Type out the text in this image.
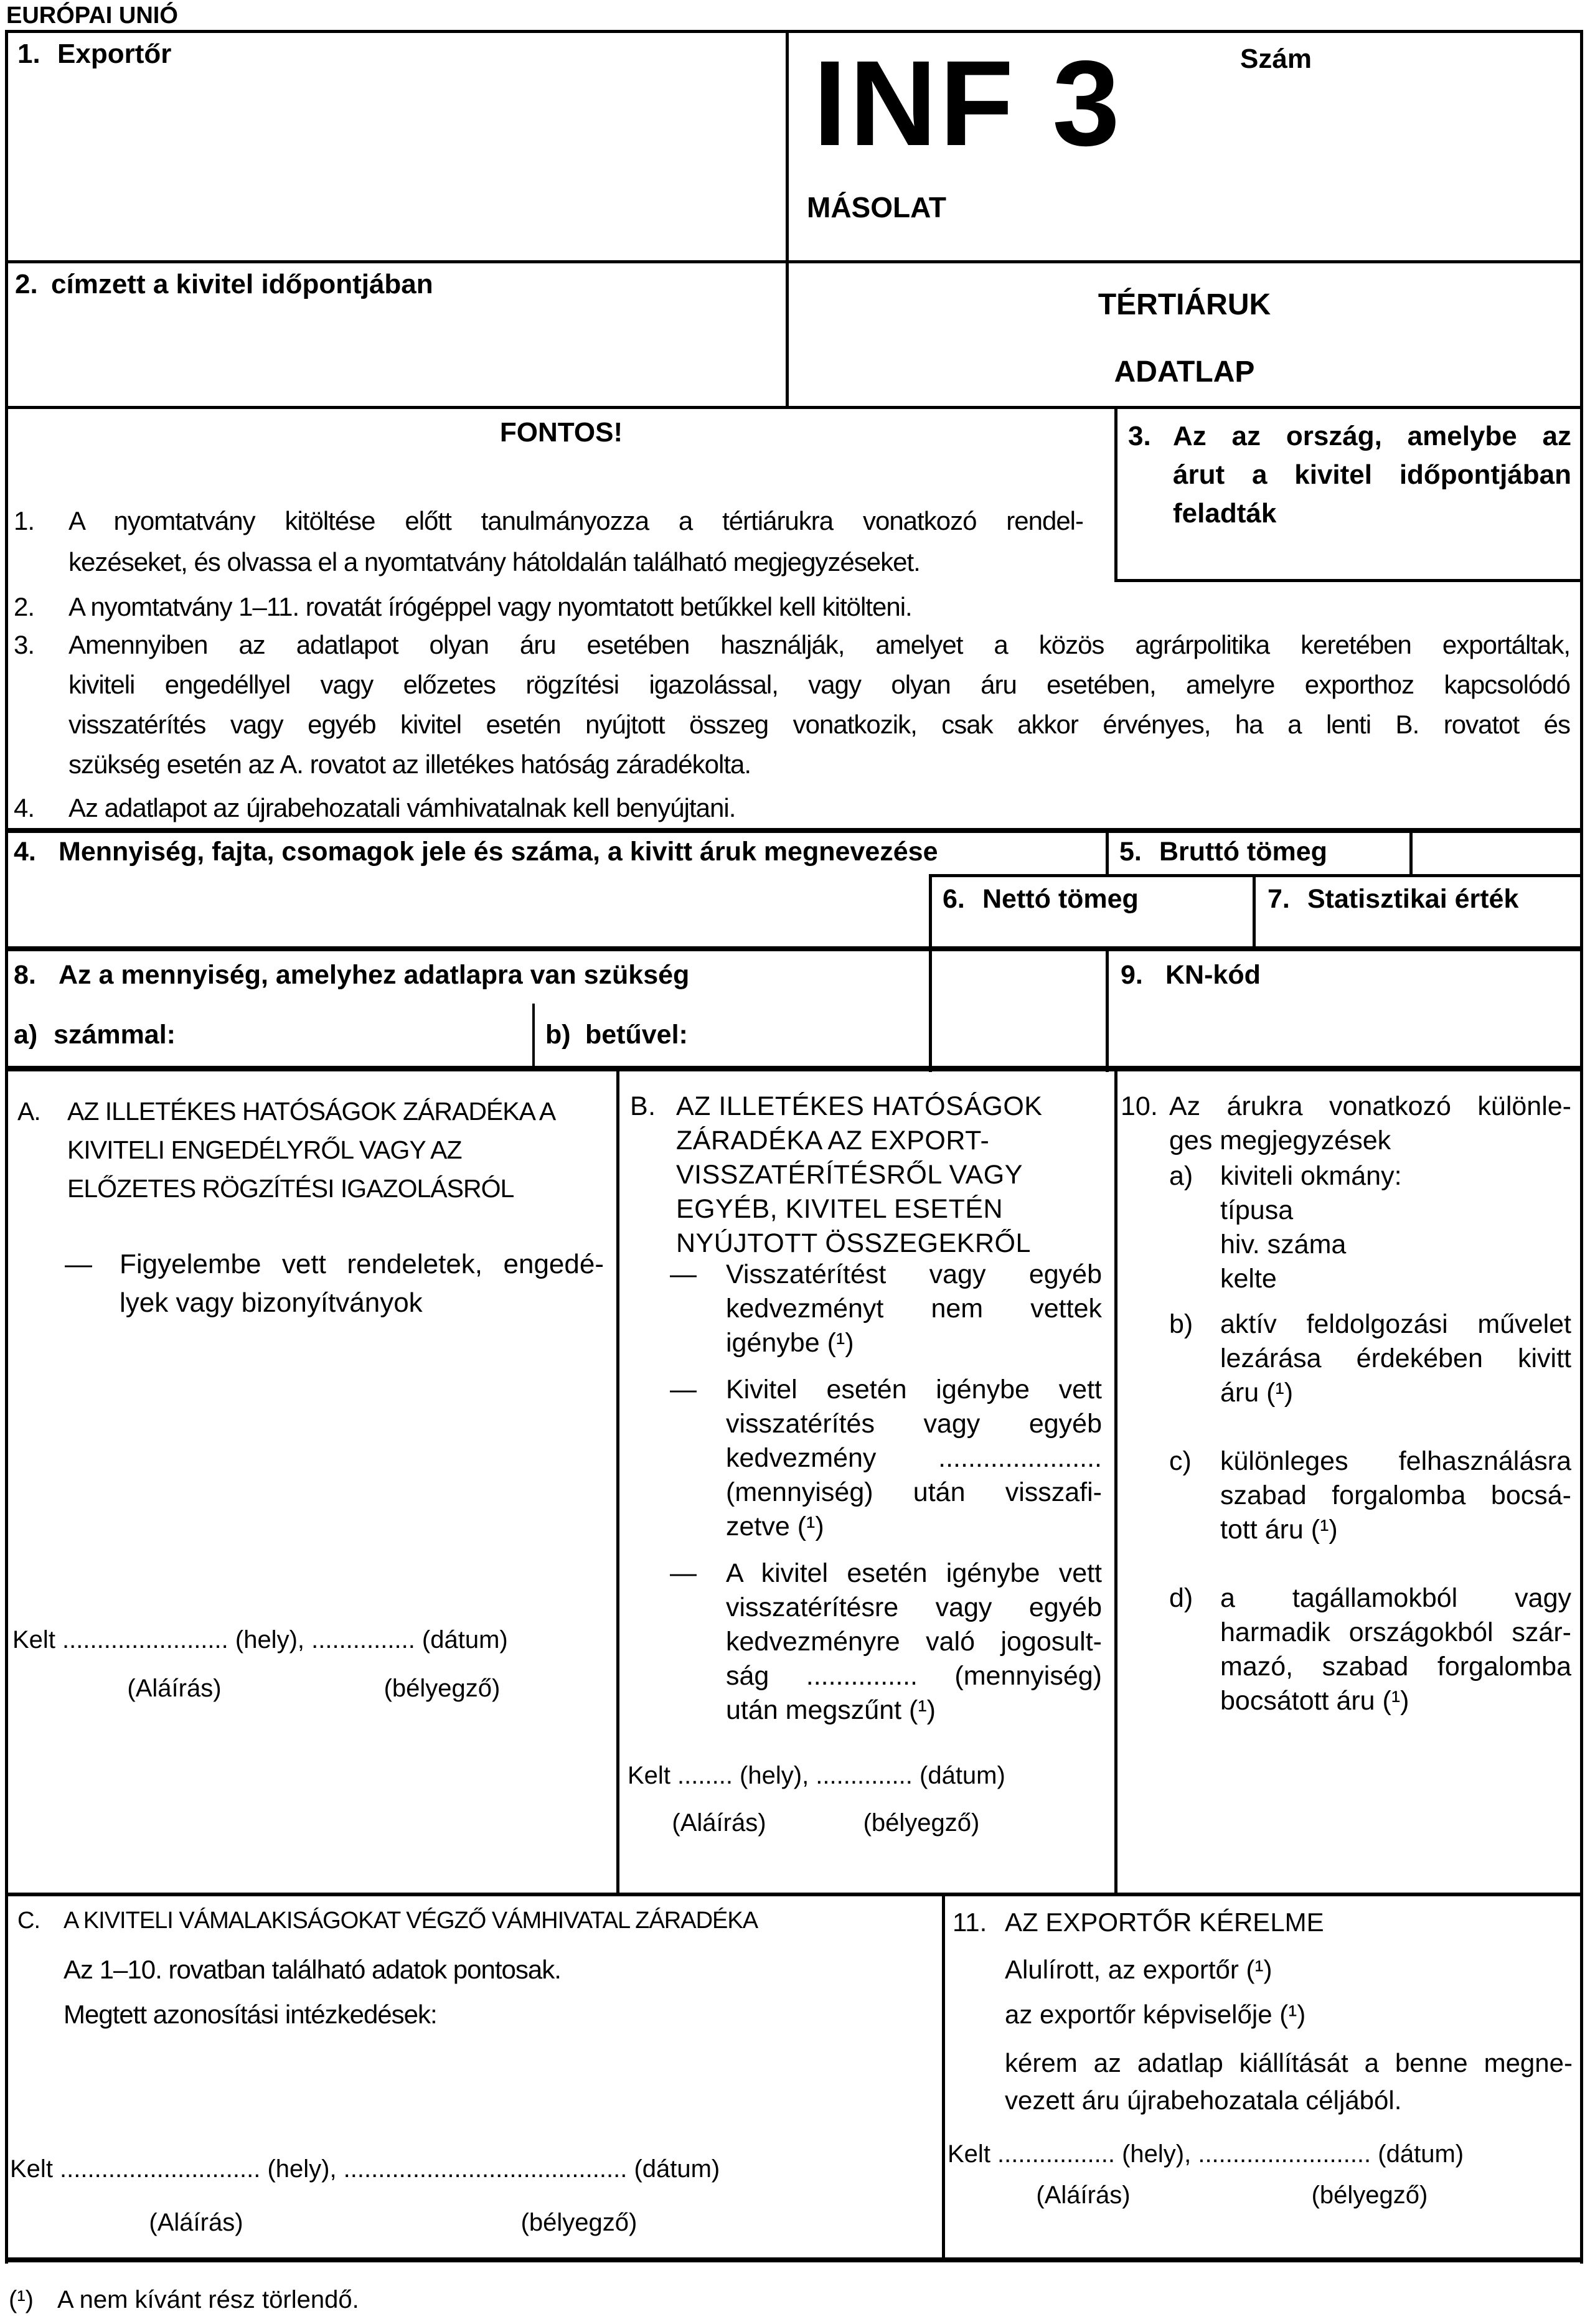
EURÓPAI UNIÓ
1. Exportőr	INF 3	Szám
MÁSOLAT
2. címzett a kivitel időpontjában
TÉRTIÁRUK
ADATLAP
FONTOS!
1.	A nyomtatvány kitöltése előtt tanulmányozza a tértiárukra vonatkozó rendel-
kezéseket, és olvassa el a nyomtatvány hátoldalán található megjegyzéseket.
2.	A nyomtatvány 1–11. rovatát írógéppel vagy nyomtatott betűkkel kell kitölteni.
3.	Amennyiben az adatlapot olyan áru esetében használják, amelyet a közös agrárpolitika keretében exportáltak,
kiviteli engedéllyel vagy előzetes rögzítési igazolással, vagy olyan áru esetében, amelyre exporthoz kapcsolódó
visszatérítés vagy egyéb kivitel esetén nyújtott összeg vonatkozik, csak akkor érvényes, ha a lenti B. rovatot és
szükség esetén az A. rovatot az illetékes hatóság záradékolta.
4.	Az adatlapot az újrabehozatali vámhivatalnak kell benyújtani.
3. Az az ország, amelybe az
árut a kivitel időpontjában
feladták
4. Mennyiség, fajta, csomagok jele és száma, a kivitt áruk megnevezése	5. Bruttó tömeg
6. Nettó tömeg	7. Statisztikai érték
8. Az a mennyiség, amelyhez adatlapra van szükség	9. KN-kód
a) számmal:	b) betűvel:
A.	AZ ILLETÉKES HATÓSÁGOK ZÁRADÉKA A
KIVITELI ENGEDÉLYRŐL VAGY AZ
ELŐZETES RÖGZÍTÉSI IGAZOLÁSRÓL
—	Figyelembe vett rendeletek, engedé-
lyek vagy bizonyítványok
Kelt ........................ (hely), ............... (dátum)
(Aláírás)	(bélyegző)
B. AZ ILLETÉKES HATÓSÁGOK
ZÁRADÉKA AZ EXPORT-
VISSZATÉRÍTÉSRŐL VAGY
EGYÉB, KIVITEL ESETÉN
NYÚJTOTT ÖSSZEGEKRŐL
—	Visszatérítést vagy egyéb
kedvezményt nem vettek
igénybe (¹)
—	Kivitel esetén igénybe vett
visszatérítés vagy egyéb
kedvezmény ......................
(mennyiség) után visszafi-
zetve (¹)
—	A kivitel esetén igénybe vett
visszatérítésre vagy egyéb
kedvezményre való jogosult-
ság ............... (mennyiség)
után megszűnt (¹)
Kelt ........ (hely), .............. (dátum)
(Aláírás)	(bélyegző)
10. Az árukra vonatkozó különle-
ges megjegyzések
a)	kiviteli okmány:
típusa
hiv. száma
kelte
b)	aktív feldolgozási művelet
lezárása érdekében kivitt
áru (¹)
c)	különleges felhasználásra
szabad forgalomba bocsá-
tott áru (¹)
d)	a tagállamokból vagy
harmadik országokból szár-
mazó, szabad forgalomba
bocsátott áru (¹)
C.	A KIVITELI VÁMALAKISÁGOKAT VÉGZŐ VÁMHIVATAL ZÁRADÉKA
Az 1–10. rovatban található adatok pontosak.
Megtett azonosítási intézkedések:
Kelt ............................. (hely), ......................................... (dátum)
(Aláírás)	(bélyegző)
11. AZ EXPORTŐR KÉRELME
Alulírott, az exportőr (¹)
az exportőr képviselője (¹)
kérem az adatlap kiállítását a benne megne-
vezett áru újrabehozatala céljából.
Kelt ................. (hely), ......................... (dátum)
(Aláírás)	(bélyegző)
(¹) A nem kívánt rész törlendő.
